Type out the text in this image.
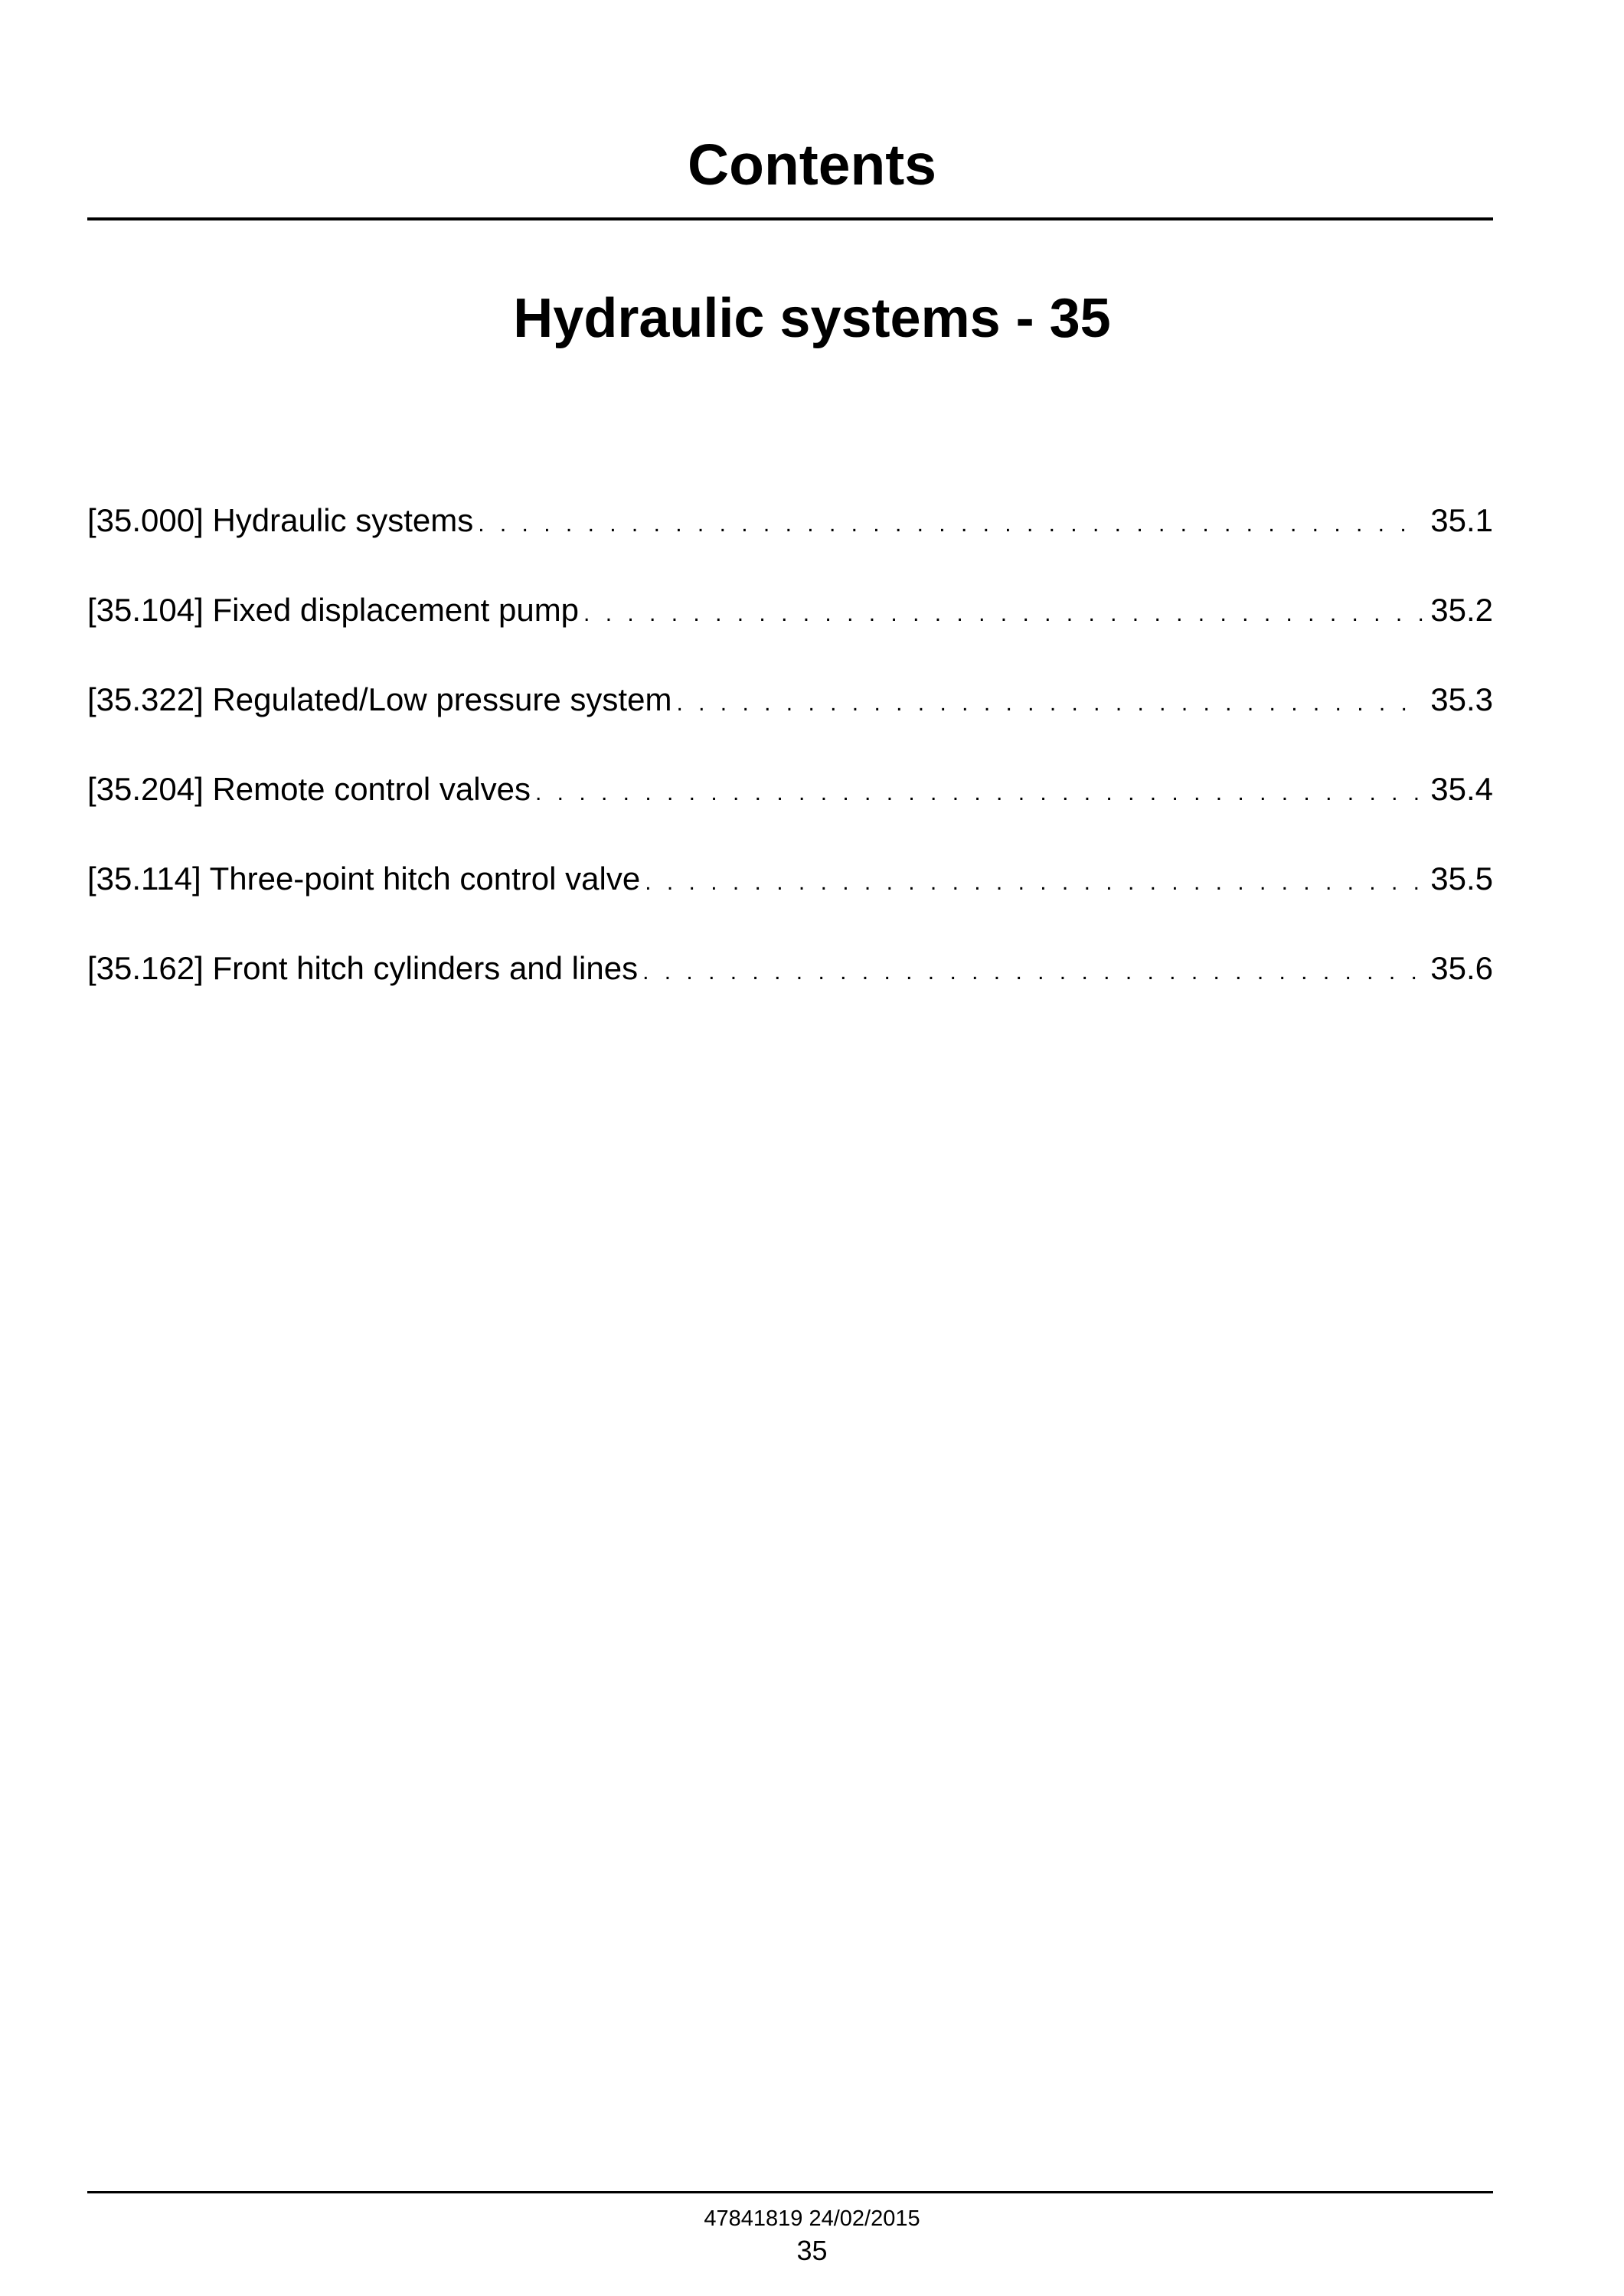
Contents
Hydraulic systems - 35
[35.000] Hydraulic systems . . .	35.1
[35.104] Fixed displacement pump . . .	35.2
[35.322] Regulated/Low pressure system . . .	35.3
[35.204] Remote control valves . . .	35.4
[35.114] Three-point hitch control valve . . .	35.5
[35.162] Front hitch cylinders and lines . . .	35.6
47841819 24/02/2015
35
